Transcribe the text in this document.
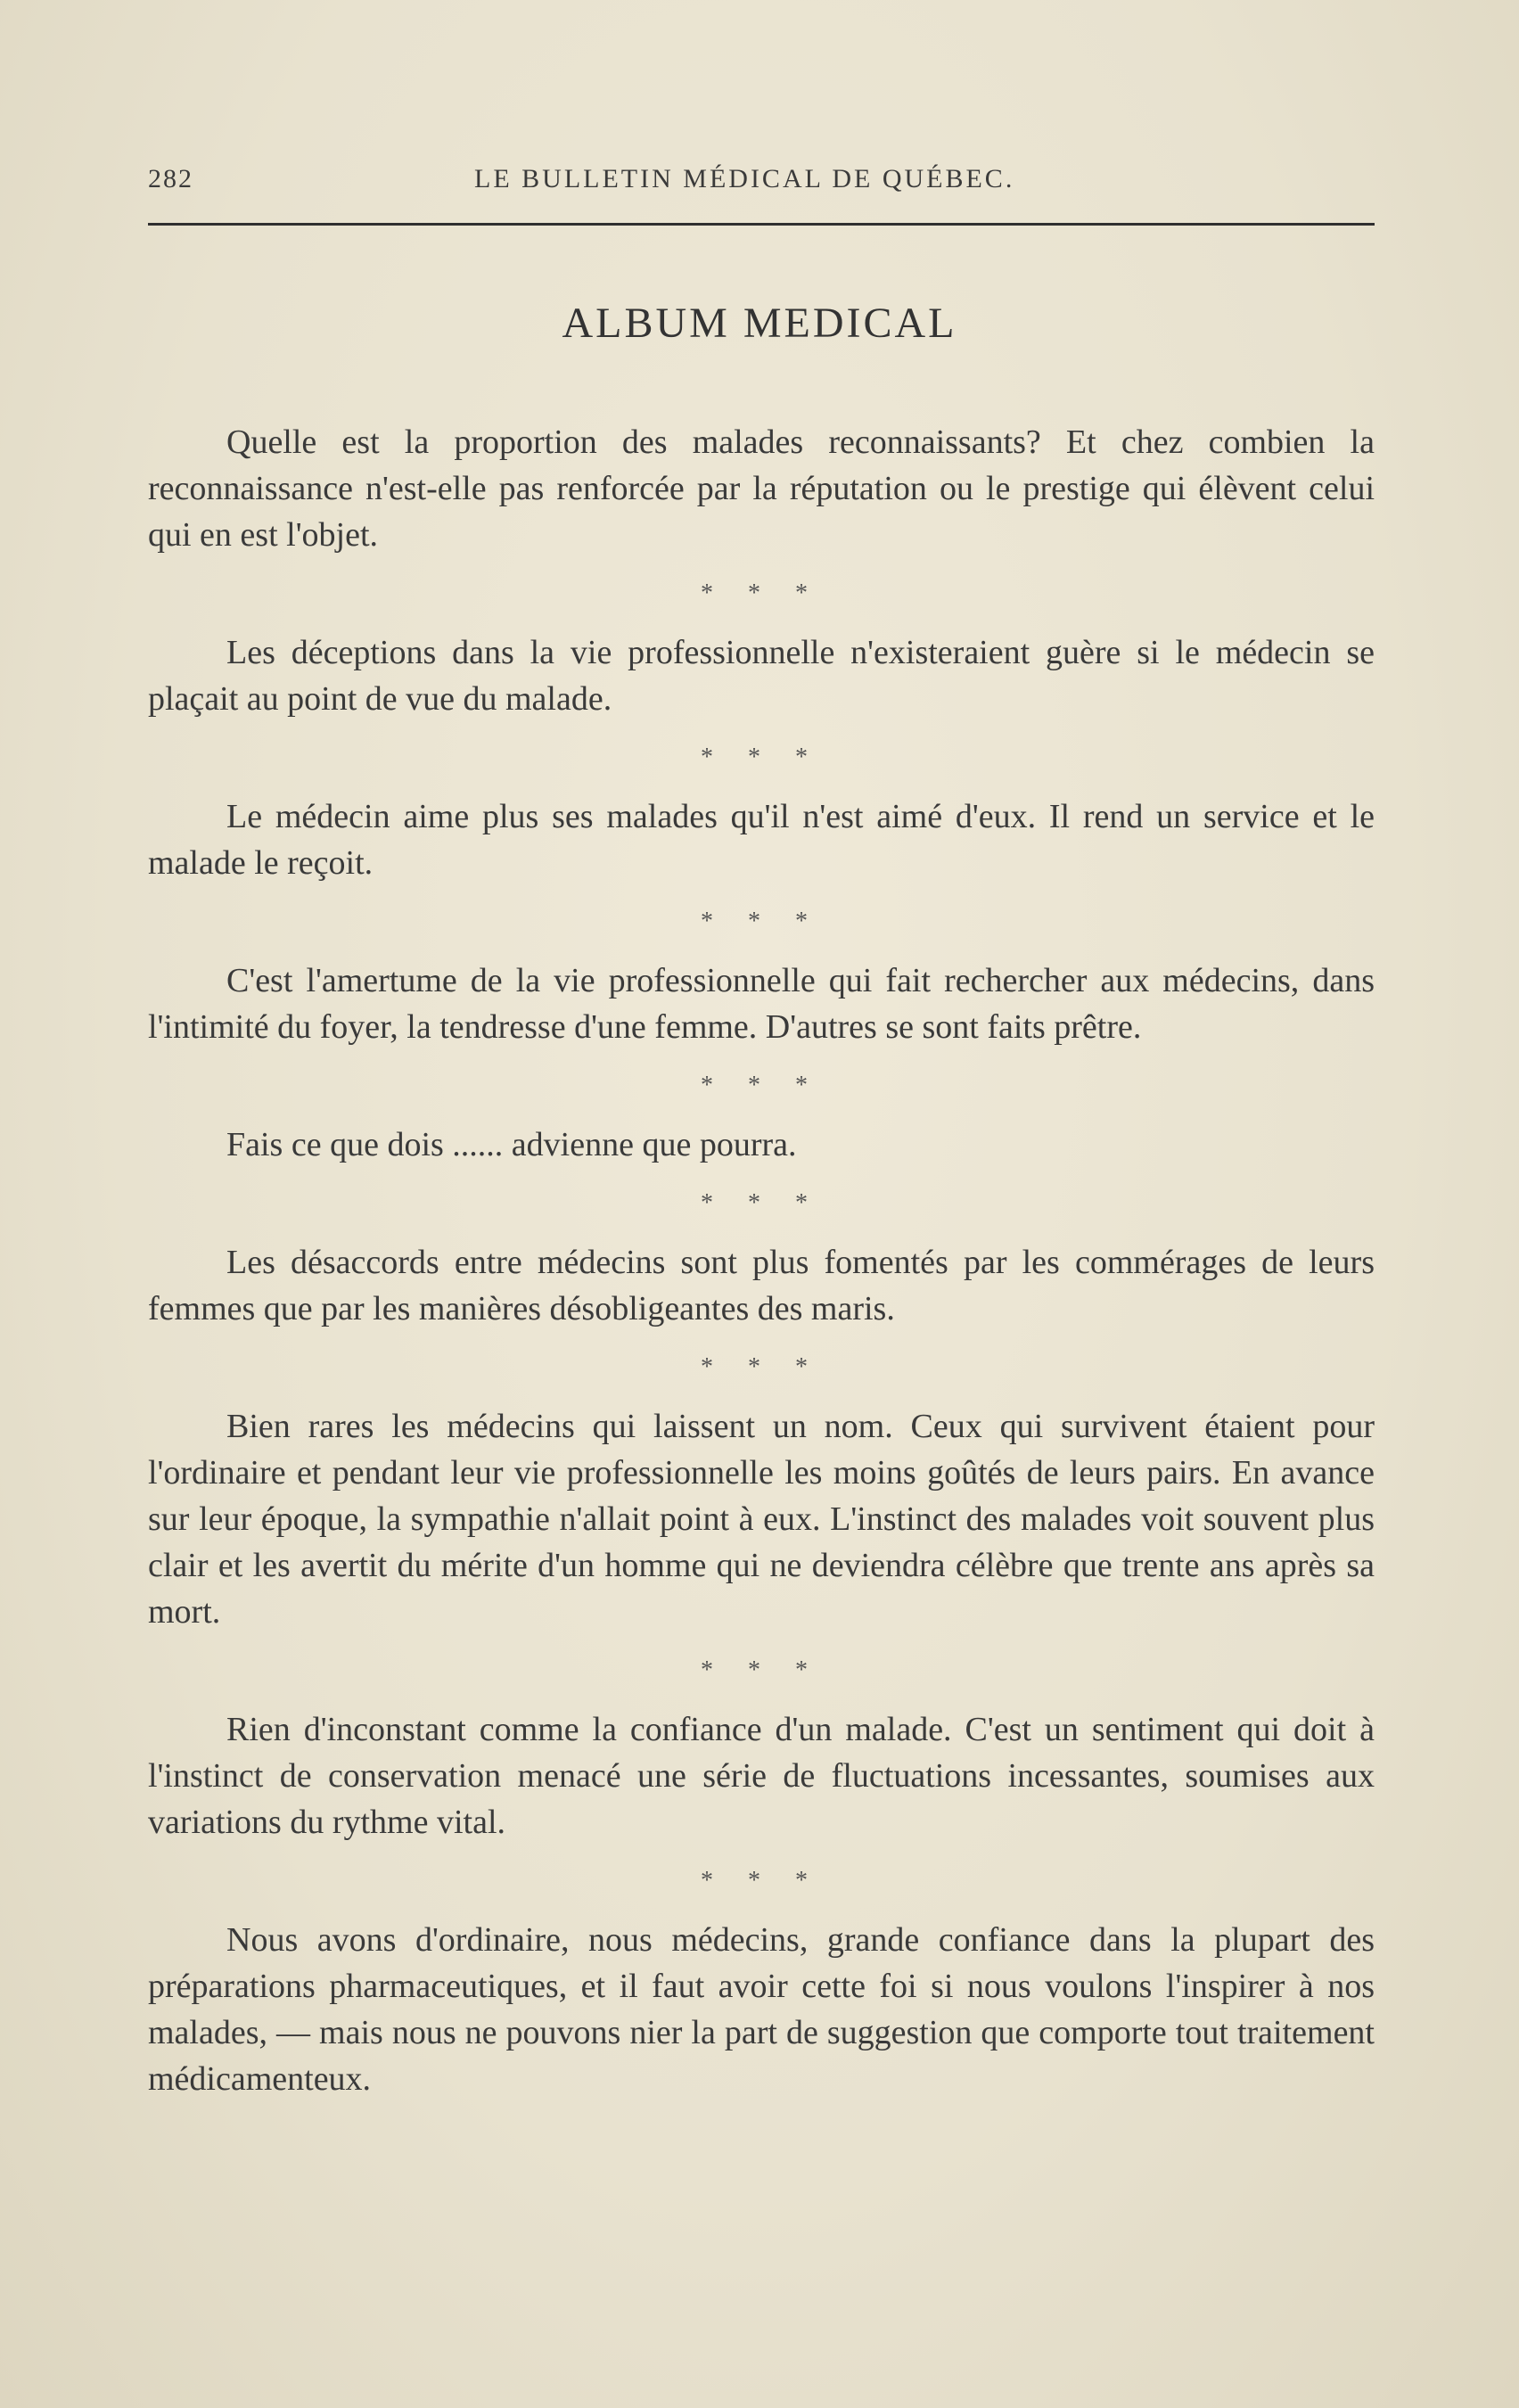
282	LE BULLETIN MÉDICAL DE QUÉBEC.
ALBUM MEDICAL

Quelle est la proportion des malades reconnaissants? Et chez combien la reconnaissance n'est-elle pas renforcée par la réputation ou le prestige qui élèvent celui qui en est l'objet.

* * *

Les déceptions dans la vie professionnelle n'existeraient guère si le médecin se plaçait au point de vue du malade.

* * *

Le médecin aime plus ses malades qu'il n'est aimé d'eux. Il rend un service et le malade le reçoit.

* * *

C'est l'amertume de la vie professionnelle qui fait rechercher aux médecins, dans l'intimité du foyer, la tendresse d'une femme. D'autres se sont faits prêtre.

* * *

Fais ce que dois ...... advienne que pourra.

* * *

Les désaccords entre médecins sont plus fomentés par les commérages de leurs femmes que par les manières désobligeantes des maris.

* * *

Bien rares les médecins qui laissent un nom. Ceux qui survivent étaient pour l'ordinaire et pendant leur vie professionnelle les moins goûtés de leurs pairs. En avance sur leur époque, la sympathie n'allait point à eux. L'instinct des malades voit souvent plus clair et les avertit du mérite d'un homme qui ne deviendra célèbre que trente ans après sa mort.

* * *

Rien d'inconstant comme la confiance d'un malade. C'est un sentiment qui doit à l'instinct de conservation menacé une série de fluctuations incessantes, soumises aux variations du rythme vital.

* * *

Nous avons d'ordinaire, nous médecins, grande confiance dans la plupart des préparations pharmaceutiques, et il faut avoir cette foi si nous voulons l'inspirer à nos malades, — mais nous ne pouvons nier la part de suggestion que comporte tout traitement médicamenteux.
